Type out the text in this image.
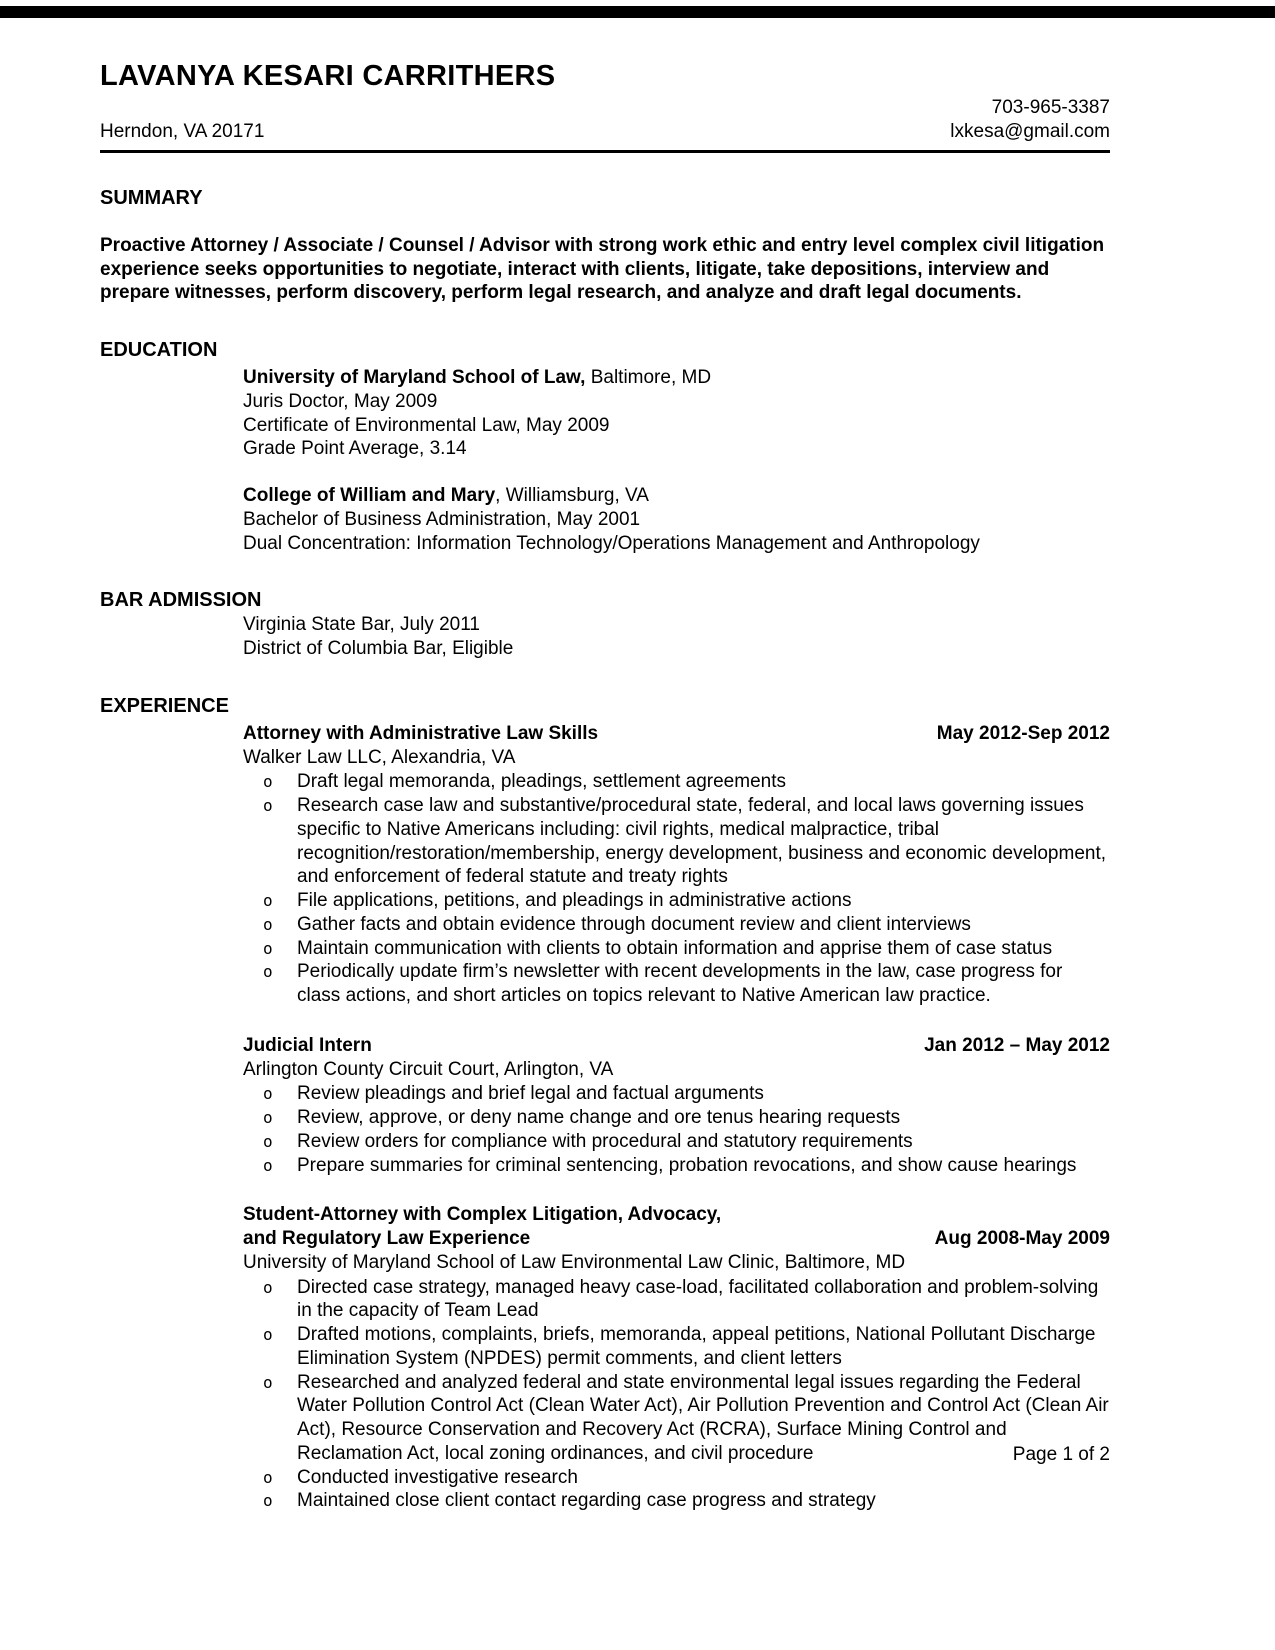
LAVANYA KESARI CARRITHERS
703-965-3387
Herndon, VA 20171	lxkesa@gmail.com
SUMMARY

Proactive Attorney / Associate / Counsel / Advisor with strong work ethic and entry level complex civil litigation experience seeks opportunities to negotiate, interact with clients, litigate, take depositions, interview and prepare witnesses, perform discovery, perform legal research, and analyze and draft legal documents.

EDUCATION
University of Maryland School of Law, Baltimore, MD
Juris Doctor, May 2009
Certificate of Environmental Law, May 2009
Grade Point Average, 3.14
College of William and Mary, Williamsburg, VA
Bachelor of Business Administration, May 2001
Dual Concentration: Information Technology/Operations Management and Anthropology
BAR ADMISSION
Virginia State Bar, July 2011
District of Columbia Bar, Eligible
EXPERIENCE
Attorney with Administrative Law Skills	May 2012-Sep 2012
Walker Law LLC, Alexandria, VA
o	Draft legal memoranda, pleadings, settlement agreements
o	Research case law and substantive/procedural state, federal, and local laws governing issues specific to Native Americans including: civil rights, medical malpractice, tribal recognition/restoration/membership, energy development, business and economic development, and enforcement of federal statute and treaty rights
o	File applications, petitions, and pleadings in administrative actions
o	Gather facts and obtain evidence through document review and client interviews
o	Maintain communication with clients to obtain information and apprise them of case status
o	Periodically update firm’s newsletter with recent developments in the law, case progress for class actions, and short articles on topics relevant to Native American law practice.
Judicial Intern	Jan 2012 – May 2012
Arlington County Circuit Court, Arlington, VA
o	Review pleadings and brief legal and factual arguments
o	Review, approve, or deny name change and ore tenus hearing requests
o	Review orders for compliance with procedural and statutory requirements
o	Prepare summaries for criminal sentencing, probation revocations, and show cause hearings
Student-Attorney with Complex Litigation, Advocacy,
and Regulatory Law Experience	Aug 2008-May 2009
University of Maryland School of Law Environmental Law Clinic, Baltimore, MD
o	Directed case strategy, managed heavy case-load, facilitated collaboration and problem-solving in the capacity of Team Lead
o	Drafted motions, complaints, briefs, memoranda, appeal petitions, National Pollutant Discharge Elimination System (NPDES) permit comments, and client letters
o	Researched and analyzed federal and state environmental legal issues regarding the Federal Water Pollution Control Act (Clean Water Act), Air Pollution Prevention and Control Act (Clean Air Act), Resource Conservation and Recovery Act (RCRA), Surface Mining Control and Reclamation Act, local zoning ordinances, and civil procedure
o	Conducted investigative research
o	Maintained close client contact regarding case progress and strategy
Page 1 of 2
